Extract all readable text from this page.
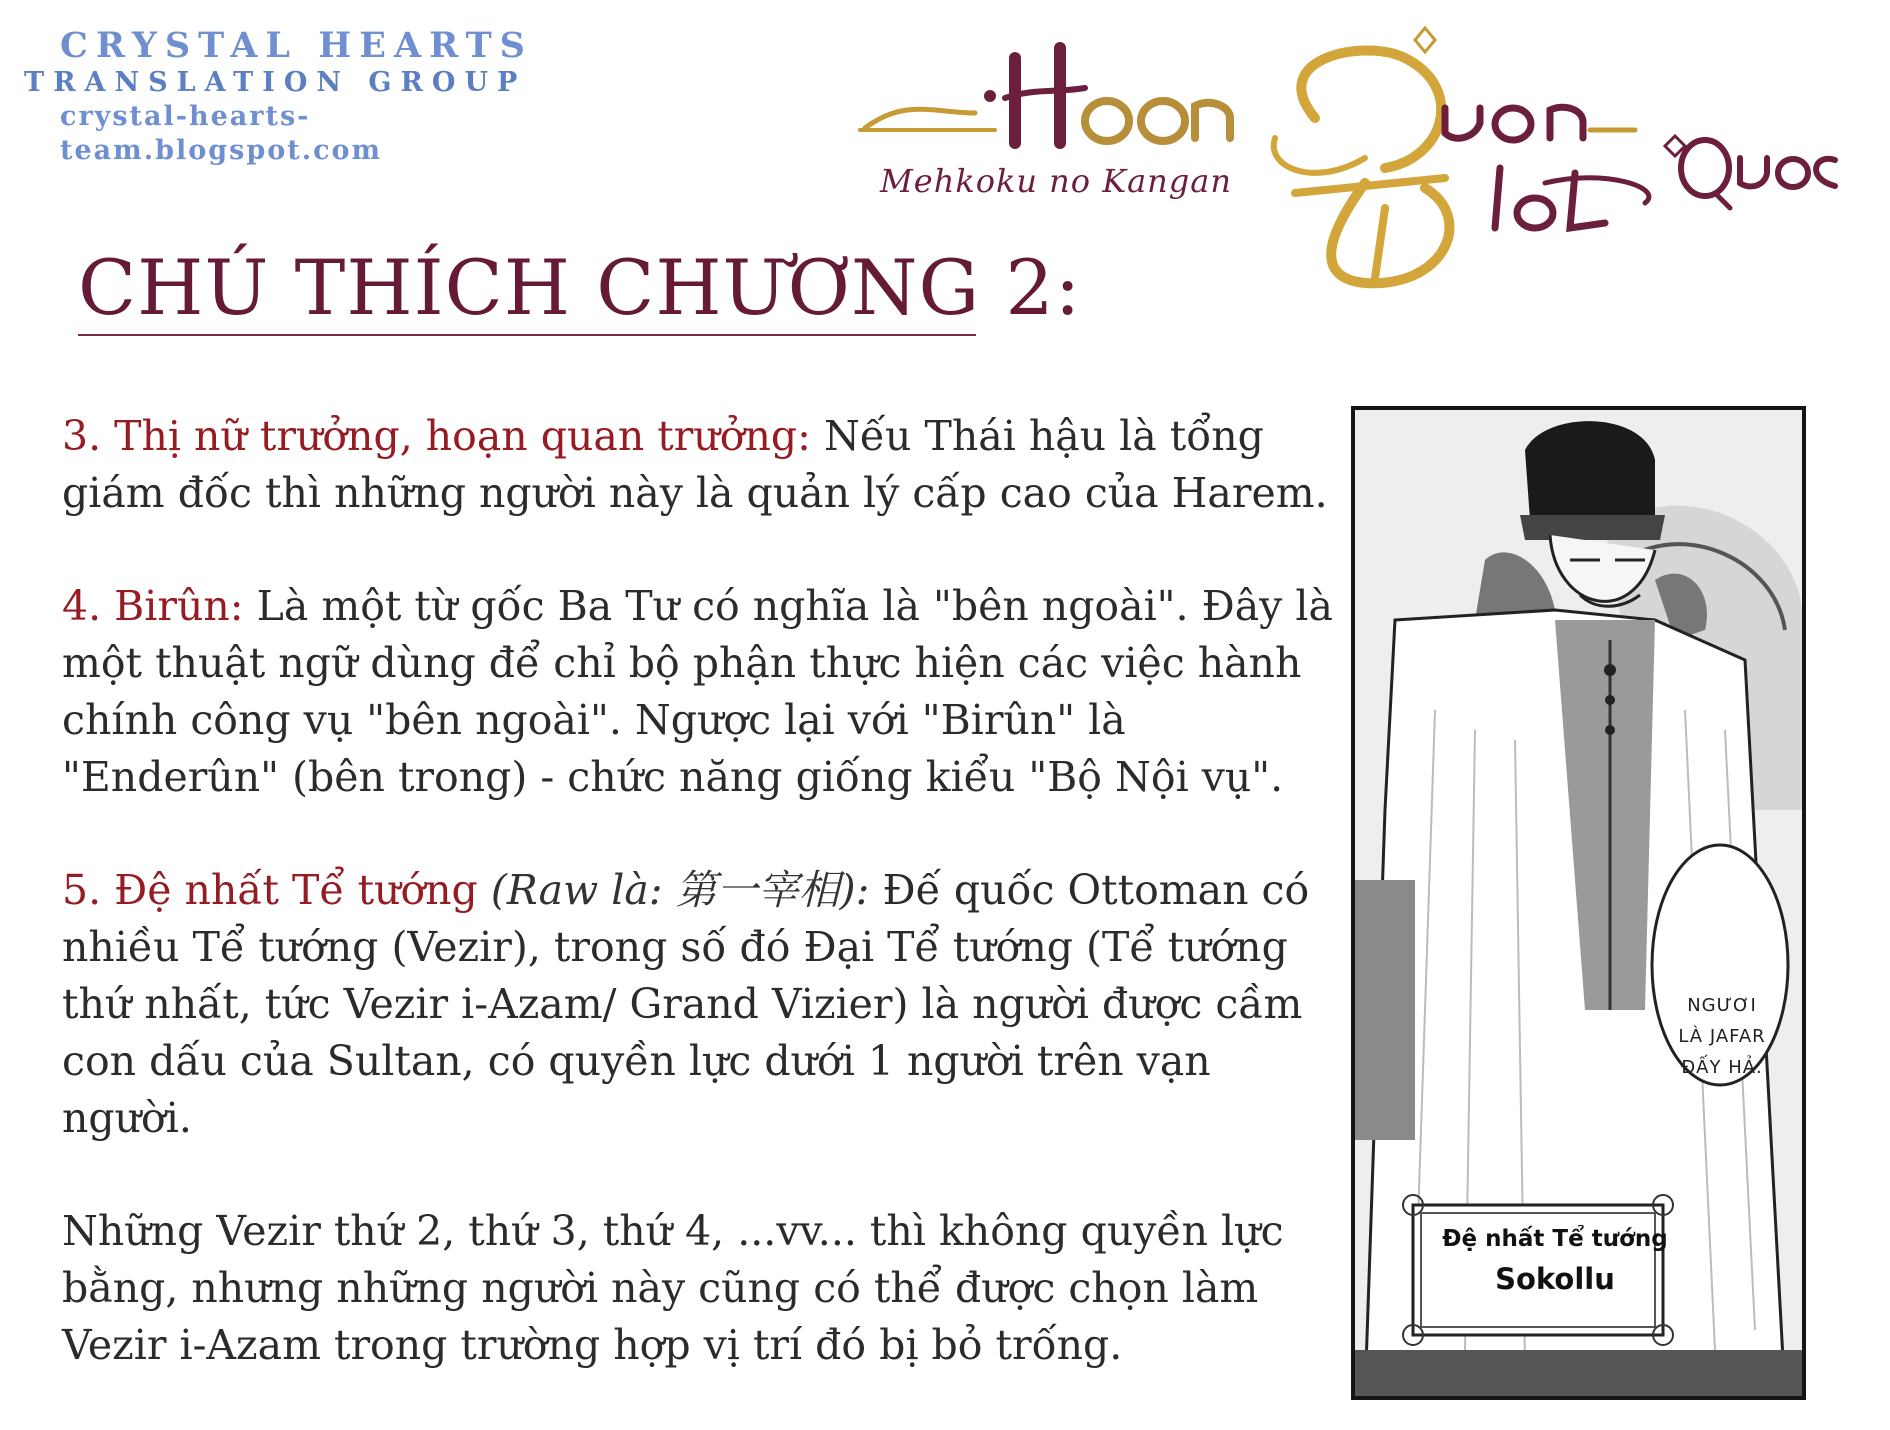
CRYSTAL HEARTS
TRANSLATION GROUP
crystal-hearts-team.blogspot.com
Mehkoku no Kangan
CHÚ THÍCH CHƯƠNG 2:

3. Thị nữ trưởng, hoạn quan trưởng: Nếu Thái hậu là tổng giám đốc thì những người này là quản lý cấp cao của Harem.

4. Birûn: Là một từ gốc Ba Tư có nghĩa là "bên ngoài". Đây là một thuật ngữ dùng để chỉ bộ phận thực hiện các việc hành chính công vụ "bên ngoài". Ngược lại với "Birûn" là "Enderûn" (bên trong) - chức năng giống kiểu "Bộ Nội vụ".

5. Đệ nhất Tể tướng (Raw là: 第一宰相): Đế quốc Ottoman có nhiều Tể tướng (Vezir), trong số đó Đại Tể tướng (Tể tướng thứ nhất, tức Vezir i-Azam/ Grand Vizier) là người được cầm con dấu của Sultan, có quyền lực dưới 1 người trên vạn người.

Những Vezir thứ 2, thứ 3, thứ 4, ...vv... thì không quyền lực bằng, nhưng những người này cũng có thể được chọn làm Vezir i-Azam trong trường hợp vị trí đó bị bỏ trống.

NGƯƠI
LÀ JAFAR
ĐẤY HẢ.
Đệ nhất Tể tướng
Sokollu
